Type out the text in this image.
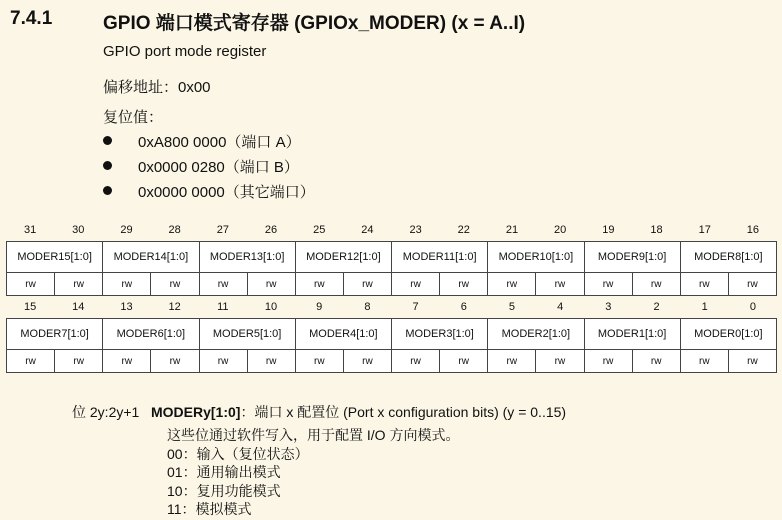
7.4.1	GPIO 端口模式寄存器 (GPIOx_MODER) (x = A..I)
GPIO port mode register
偏移地址：0x00
复位值：
0xA800 0000（端口 A）
0x0000 0280（端口 B）
0x0000 0000（其它端口）
31	30	29	28	27	26	25	24	23	22	21	20	19	18	17	16
MODER15[1:0]	MODER14[1:0]	MODER13[1:0]	MODER12[1:0]	MODER11[1:0]	MODER10[1:0]	MODER9[1:0]	MODER8[1:0]
rw	rw	rw	rw	rw	rw	rw	rw	rw	rw	rw	rw	rw	rw	rw	rw
15	14	13	12	11	10	9	8	7	6	5	4	3	2	1	0
MODER7[1:0]	MODER6[1:0]	MODER5[1:0]	MODER4[1:0]	MODER3[1:0]	MODER2[1:0]	MODER1[1:0]	MODER0[1:0]
rw	rw	rw	rw	rw	rw	rw	rw	rw	rw	rw	rw	rw	rw	rw	rw
位 2y:2y+1 MODERy[1:0]：端口 x 配置位 (Port x configuration bits) (y = 0..15)
这些位通过软件写入，用于配置 I/O 方向模式。
00：输入（复位状态）
01：通用输出模式
10：复用功能模式
11：模拟模式
